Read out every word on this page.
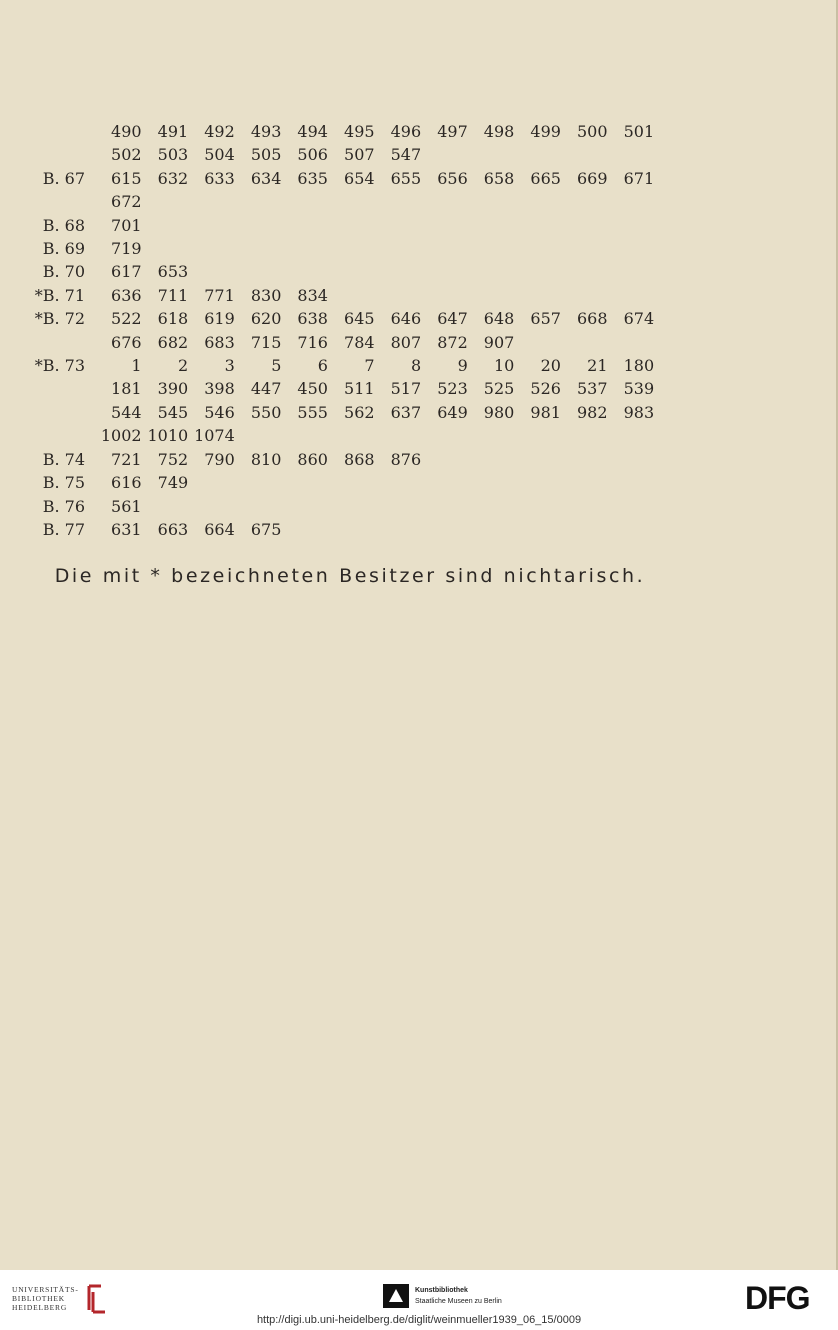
	490	491	492	493	494	495	496	497	498	499	500	501
	502	503	504	505	506	507	547					
B. 67	615	632	633	634	635	654	655	656	658	665	669	671
	672											
B. 68	701											
B. 69	719											
B. 70	617	653										
*B. 71	636	711	771	830	834							
*B. 72	522	618	619	620	638	645	646	647	648	657	668	674
	676	682	683	715	716	784	807	872	907			
*B. 73	1	2	3	5	6	7	8	9	10	20	21	180
	181	390	398	447	450	511	517	523	525	526	537	539
	544	545	546	550	555	562	637	649	980	981	982	983
	1002	1010	1074									
B. 74	721	752	790	810	860	868	876					
B. 75	616	749										
B. 76	561											
B. 77	631	663	664	675								
Die mit * bezeichneten Besitzer sind nichtarisch.
UNIVERSITÄTS-
BIBLIOTHEK
HEIDELBERG
Kunstbibliothek
Staatliche Museen zu Berlin	DFG
http://digi.ub.uni-heidelberg.de/diglit/weinmueller1939_06_15/0009
